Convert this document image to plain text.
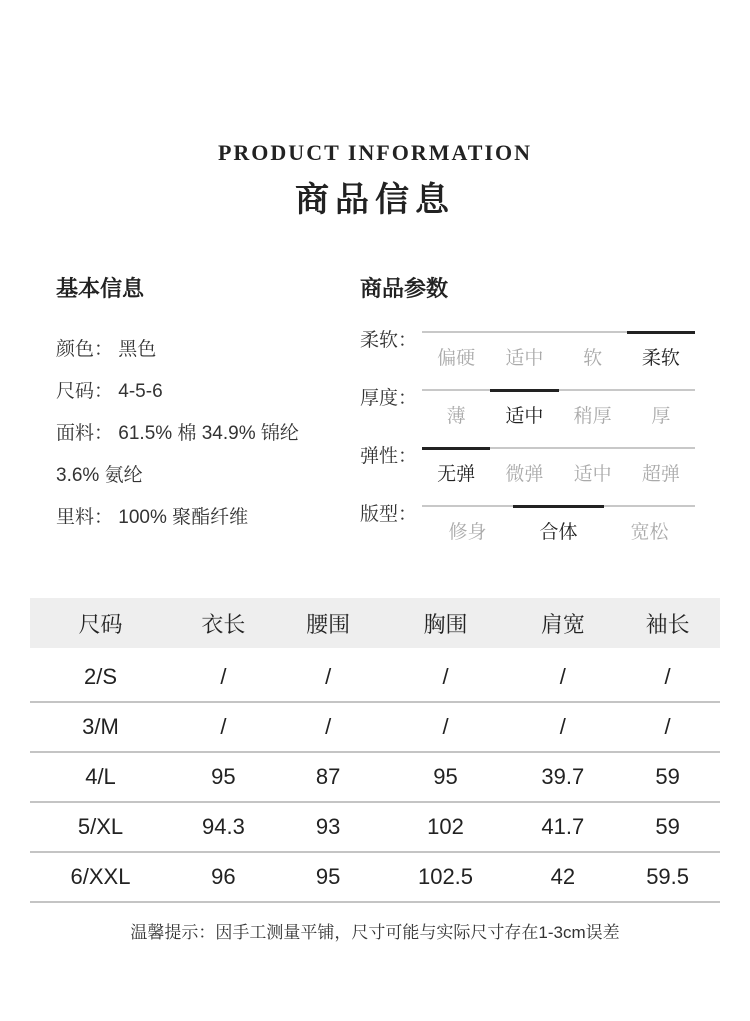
PRODUCT INFORMATION
商品信息
基本信息
颜色： 黑色
尺码： 4-5-6
面料： 61.5% 棉 34.9% 锦纶
3.6% 氨纶
里料： 100% 聚酯纤维
商品参数
柔软：
偏硬	适中	软	柔软
厚度：
薄	适中	稍厚	厚
弹性：
无弹	微弹	适中	超弹
版型：
修身	合体	宽松
尺码	衣长	腰围	胸围	肩宽	袖长
2/S	/	/	/	/	/
3/M	/	/	/	/	/
4/L	95	87	95	39.7	59
5/XL	94.3	93	102	41.7	59
6/XXL	96	95	102.5	42	59.5
温馨提示：因手工测量平铺，尺寸可能与实际尺寸存在1-3cm误差
